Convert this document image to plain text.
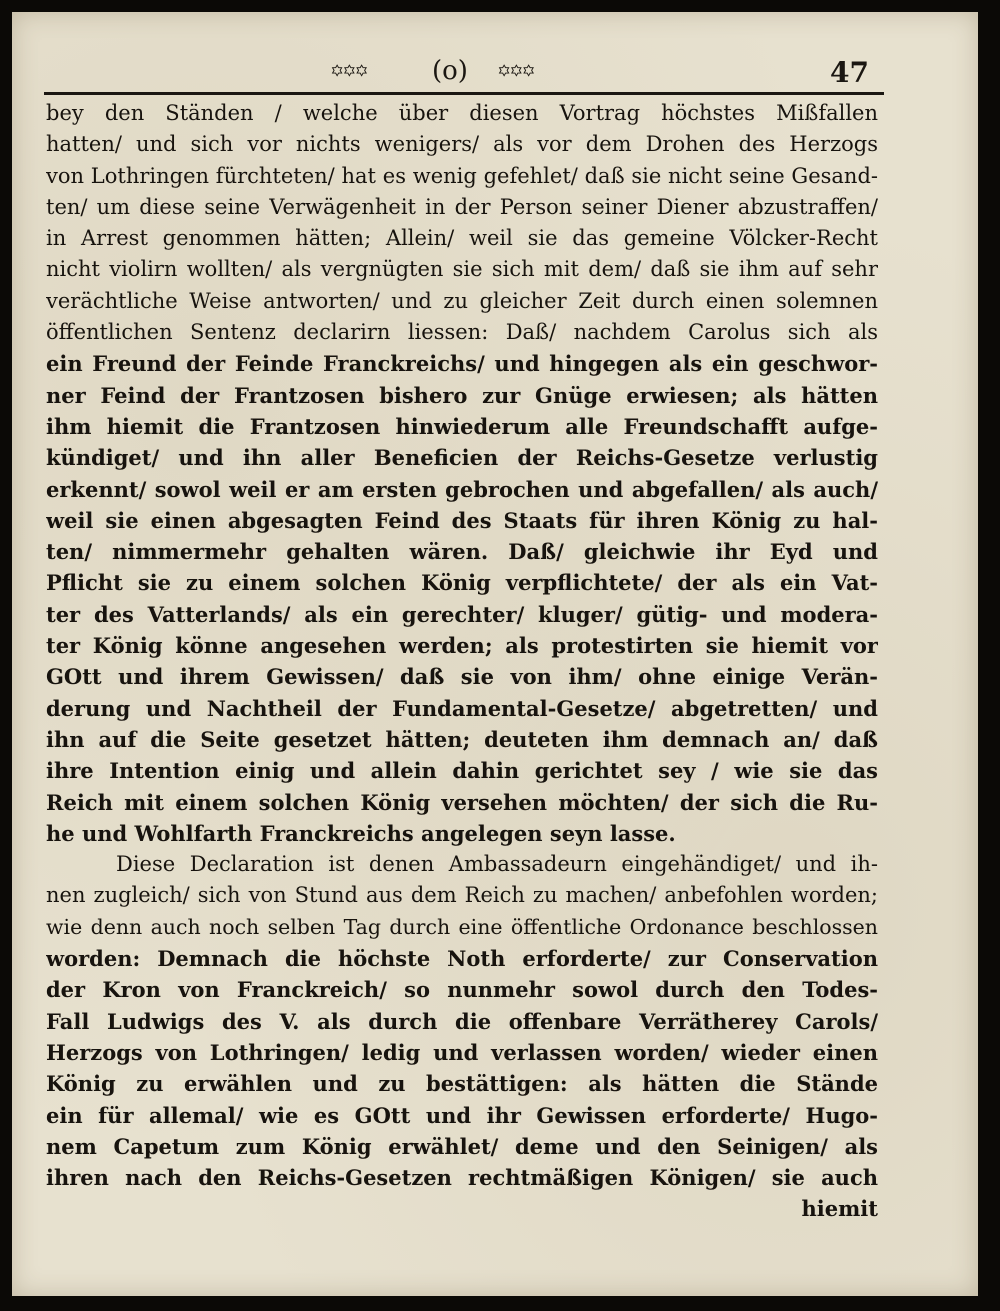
꙳꙳꙳	(o) ꙳꙳꙳	47
bey den Ständen / welche über diesen Vortrag höchstes Mißfallen
hatten/ und sich vor nichts wenigers/ als vor dem Drohen des Herzogs
von Lothringen fürchteten/ hat es wenig gefehlet/ daß sie nicht seine Gesand-
ten/ um diese seine Verwägenheit in der Person seiner Diener abzustraffen/
in Arrest genommen hätten; Allein/ weil sie das gemeine Völcker-Recht
nicht violirn wollten/ als vergnügten sie sich mit dem/ daß sie ihm auf sehr
verächtliche Weise antworten/ und zu gleicher Zeit durch einen solemnen
öffentlichen Sentenz declarirn liessen: Daß/ nachdem Carolus sich als
ein Freund der Feinde Franckreichs/ und hingegen als ein geschwor-
ner Feind der Frantzosen bishero zur Gnüge erwiesen; als hätten
ihm hiemit die Frantzosen hinwiederum alle Freundschafft aufge-
kündiget/ und ihn aller Beneficien der Reichs-Gesetze verlustig
erkennt/ sowol weil er am ersten gebrochen und abgefallen/ als auch/
weil sie einen abgesagten Feind des Staats für ihren König zu hal-
ten/ nimmermehr gehalten wären. Daß/ gleichwie ihr Eyd und
Pflicht sie zu einem solchen König verpflichtete/ der als ein Vat-
ter des Vatterlands/ als ein gerechter/ kluger/ gütig- und modera-
ter König könne angesehen werden; als protestirten sie hiemit vor
GOtt und ihrem Gewissen/ daß sie von ihm/ ohne einige Verän-
derung und Nachtheil der Fundamental-Gesetze/ abgetretten/ und
ihn auf die Seite gesetzet hätten; deuteten ihm demnach an/ daß
ihre Intention einig und allein dahin gerichtet sey / wie sie das
Reich mit einem solchen König versehen möchten/ der sich die Ru-
he und Wohlfarth Franckreichs angelegen seyn lasse.
Diese Declaration ist denen Ambassadeurn eingehändiget/ und ih-
nen zugleich/ sich von Stund aus dem Reich zu machen/ anbefohlen worden;
wie denn auch noch selben Tag durch eine öffentliche Ordonance beschlossen
worden: Demnach die höchste Noth erforderte/ zur Conservation
der Kron von Franckreich/ so nunmehr sowol durch den Todes-
Fall Ludwigs des V. als durch die offenbare Verrätherey Carols/
Herzogs von Lothringen/ ledig und verlassen worden/ wieder einen
König zu erwählen und zu bestättigen: als hätten die Stände
ein für allemal/ wie es GOtt und ihr Gewissen erforderte/ Hugo-
nem Capetum zum König erwählet/ deme und den Seinigen/ als
ihren nach den Reichs-Gesetzen rechtmäßigen Königen/ sie auch
hiemit
